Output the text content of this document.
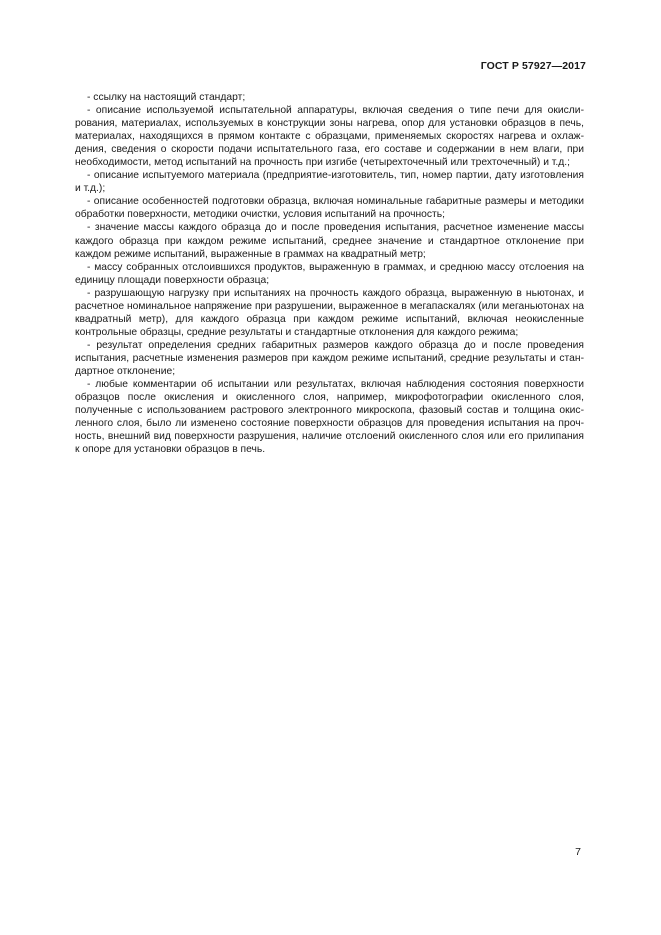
ГОСТ Р 57927—2017

- ссылку на настоящий стандарт;

- описание используемой испытательной аппаратуры, включая сведения о типе печи для окислирования, материалах, используемых в конструкции зоны нагрева, опор для установки образцов в печь, материалах, находящихся в прямом контакте с образцами, применяемых скоростях нагрева и охлаждения, сведения о скорости подачи испытательного газа, его составе и содержании в нем влаги, при необходимости, метод испытаний на прочность при изгибе (четырехточечный или трехточечный) и т.д.;

- описание испытуемого материала (предприятие-изготовитель, тип, номер партии, дату изготовления и т.д.);

- описание особенностей подготовки образца, включая номинальные габаритные размеры и методики обработки поверхности, методики очистки, условия испытаний на прочность;

- значение массы каждого образца до и после проведения испытания, расчетное изменение массы каждого образца при каждом режиме испытаний, среднее значение и стандартное отклонение при каждом режиме испытаний, выраженные в граммах на квадратный метр;

- массу собранных отслоившихся продуктов, выраженную в граммах, и среднюю массу отслоения на единицу площади поверхности образца;

- разрушающую нагрузку при испытаниях на прочность каждого образца, выраженную в ньютонах, и расчетное номинальное напряжение при разрушении, выраженное в мегапаскалях (или меганьютонах на квадратный метр), для каждого образца при каждом режиме испытаний, включая неокисленные контрольные образцы, средние результаты и стандартные отклонения для каждого режима;

- результат определения средних габаритных размеров каждого образца до и после проведения испытания, расчетные изменения размеров при каждом режиме испытаний, средние результаты и стандартное отклонение;

- любые комментарии об испытании или результатах, включая наблюдения состояния поверхности образцов после окисления и окисленного слоя, например, микрофотографии окисленного слоя, полученные с использованием растрового электронного микроскопа, фазовый состав и толщина окисленного слоя, было ли изменено состояние поверхности образцов для проведения испытания на прочность, внешний вид поверхности разрушения, наличие отслоений окисленного слоя или его прилипания к опоре для установки образцов в печь.

7
